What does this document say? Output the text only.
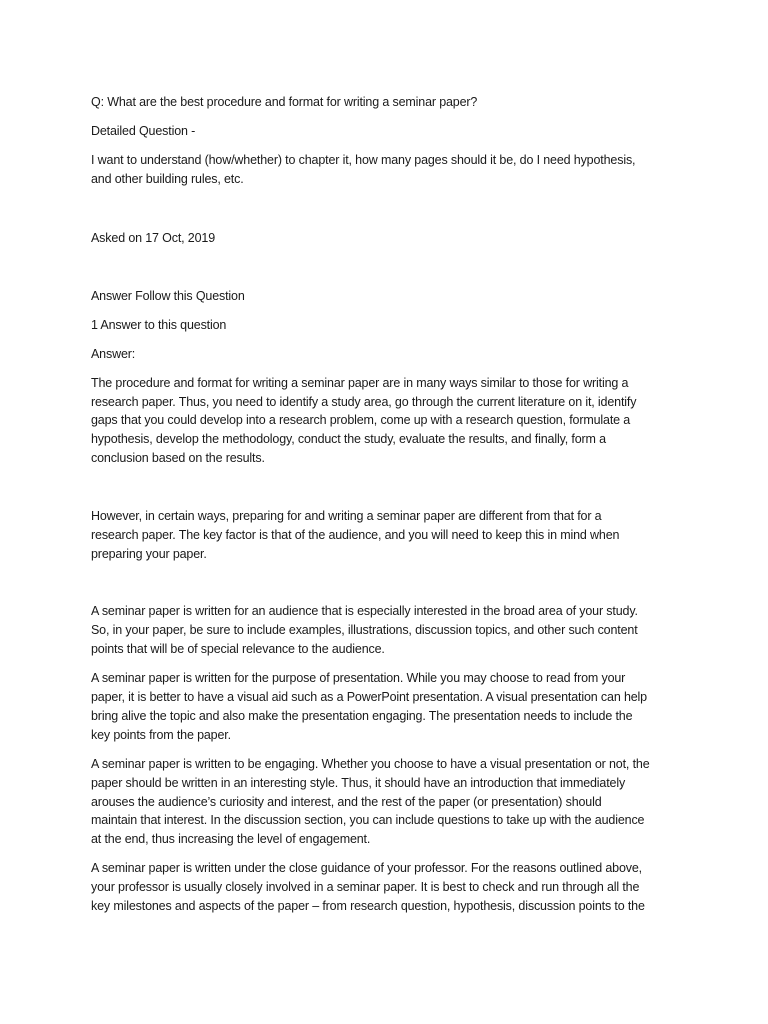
Q: What are the best procedure and format for writing a seminar paper?
Detailed Question -
I want to understand (how/whether) to chapter it, how many pages should it be, do I need hypothesis,
and other building rules, etc.
Asked on 17 Oct, 2019
Answer Follow this Question
1 Answer to this question
Answer:
The procedure and format for writing a seminar paper are in many ways similar to those for writing a
research paper. Thus, you need to identify a study area, go through the current literature on it, identify
gaps that you could develop into a research problem, come up with a research question, formulate a
hypothesis, develop the methodology, conduct the study, evaluate the results, and finally, form a
conclusion based on the results.
However, in certain ways, preparing for and writing a seminar paper are different from that for a
research paper. The key factor is that of the audience, and you will need to keep this in mind when
preparing your paper.
A seminar paper is written for an audience that is especially interested in the broad area of your study.
So, in your paper, be sure to include examples, illustrations, discussion topics, and other such content
points that will be of special relevance to the audience.
A seminar paper is written for the purpose of presentation. While you may choose to read from your
paper, it is better to have a visual aid such as a PowerPoint presentation. A visual presentation can help
bring alive the topic and also make the presentation engaging. The presentation needs to include the
key points from the paper.
A seminar paper is written to be engaging. Whether you choose to have a visual presentation or not, the
paper should be written in an interesting style. Thus, it should have an introduction that immediately
arouses the audience’s curiosity and interest, and the rest of the paper (or presentation) should
maintain that interest. In the discussion section, you can include questions to take up with the audience
at the end, thus increasing the level of engagement.
A seminar paper is written under the close guidance of your professor. For the reasons outlined above,
your professor is usually closely involved in a seminar paper. It is best to check and run through all the
key milestones and aspects of the paper – from research question, hypothesis, discussion points to the
